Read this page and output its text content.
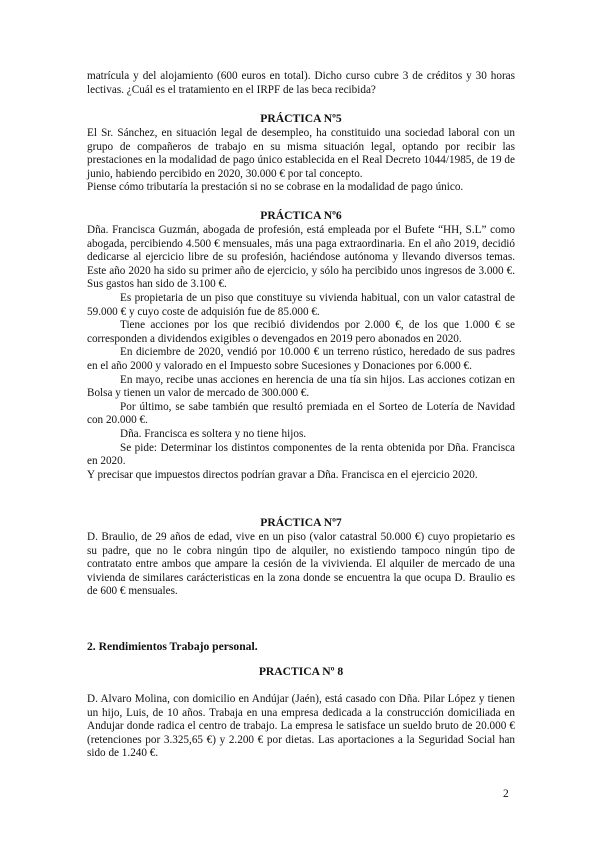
matrícula y del alojamiento (600 euros en total). Dicho curso cubre 3 de créditos y 30 horas lectivas. ¿Cuál es el tratamiento en el IRPF de las beca recibida?

PRÁCTICA Nº5

El Sr. Sánchez, en situación legal de desempleo, ha constituido una sociedad laboral con un grupo de compañeros de trabajo en su misma situación legal, optando por recibir las prestaciones en la modalidad de pago único establecida en el Real Decreto 1044/1985, de 19 de junio, habiendo percibido en 2020, 30.000 € por tal concepto.

Piense cómo tributaría la prestación si no se cobrase en la modalidad de pago único.

PRÁCTICA Nº6

Dña. Francisca Guzmán, abogada de profesión, está empleada por el Bufete “HH, S.L” como abogada, percibiendo 4.500 € mensuales, más una paga extraordinaria. En el año 2019, decidió dedicarse al ejercicio libre de su profesión, haciéndose autónoma y llevando diversos temas. Este año 2020 ha sido su primer año de ejercicio, y sólo ha percibido unos ingresos de 3.000 €. Sus gastos han sido de 3.100 €.

Es propietaria de un piso que constituye su vivienda habitual, con un valor catastral de 59.000 € y cuyo coste de adquisión fue de 85.000 €.

Tiene acciones por los que recibió dividendos por 2.000 €, de los que 1.000 € se corresponden a dividendos exigibles o devengados en 2019 pero abonados en 2020.

En diciembre de 2020, vendió por 10.000 € un terreno rústico, heredado de sus padres en el año 2000 y valorado en el Impuesto sobre Sucesiones y Donaciones por 6.000 €.

En mayo, recibe unas acciones en herencia de una tía sin hijos. Las acciones cotizan en Bolsa y tienen un valor de mercado de 300.000 €.

Por último, se sabe también que resultó premiada en el Sorteo de Lotería de Navidad con 20.000 €.

Dña. Francisca es soltera y no tiene hijos.

Se pide: Determinar los distintos componentes de la renta obtenida por Dña. Francisca en 2020.

Y precisar que impuestos directos podrían gravar a Dña. Francisca en el ejercicio 2020.

PRÁCTICA Nº7

D. Braulio, de 29 años de edad, vive en un piso (valor catastral 50.000 €) cuyo propietario es su padre, que no le cobra ningún tipo de alquiler, no existiendo tampoco ningún tipo de contratato entre ambos que ampare la cesión de la vivivienda. El alquiler de mercado de una vivienda de similares carácteristicas en la zona donde se encuentra la que ocupa D. Braulio es de 600 € mensuales.

2. Rendimientos Trabajo personal.
PRACTICA Nº 8

D. Alvaro Molina, con domicilio en Andújar (Jaén), está casado con Dña. Pilar López y tienen un hijo, Luis, de 10 años. Trabaja en una empresa dedicada a la construcción domiciliada en Andujar donde radica el centro de trabajo. La empresa le satisface un sueldo bruto de 20.000 € (retenciones por 3.325,65 €) y 2.200 € por dietas. Las aportaciones a la Seguridad Social han sido de 1.240 €.

2
